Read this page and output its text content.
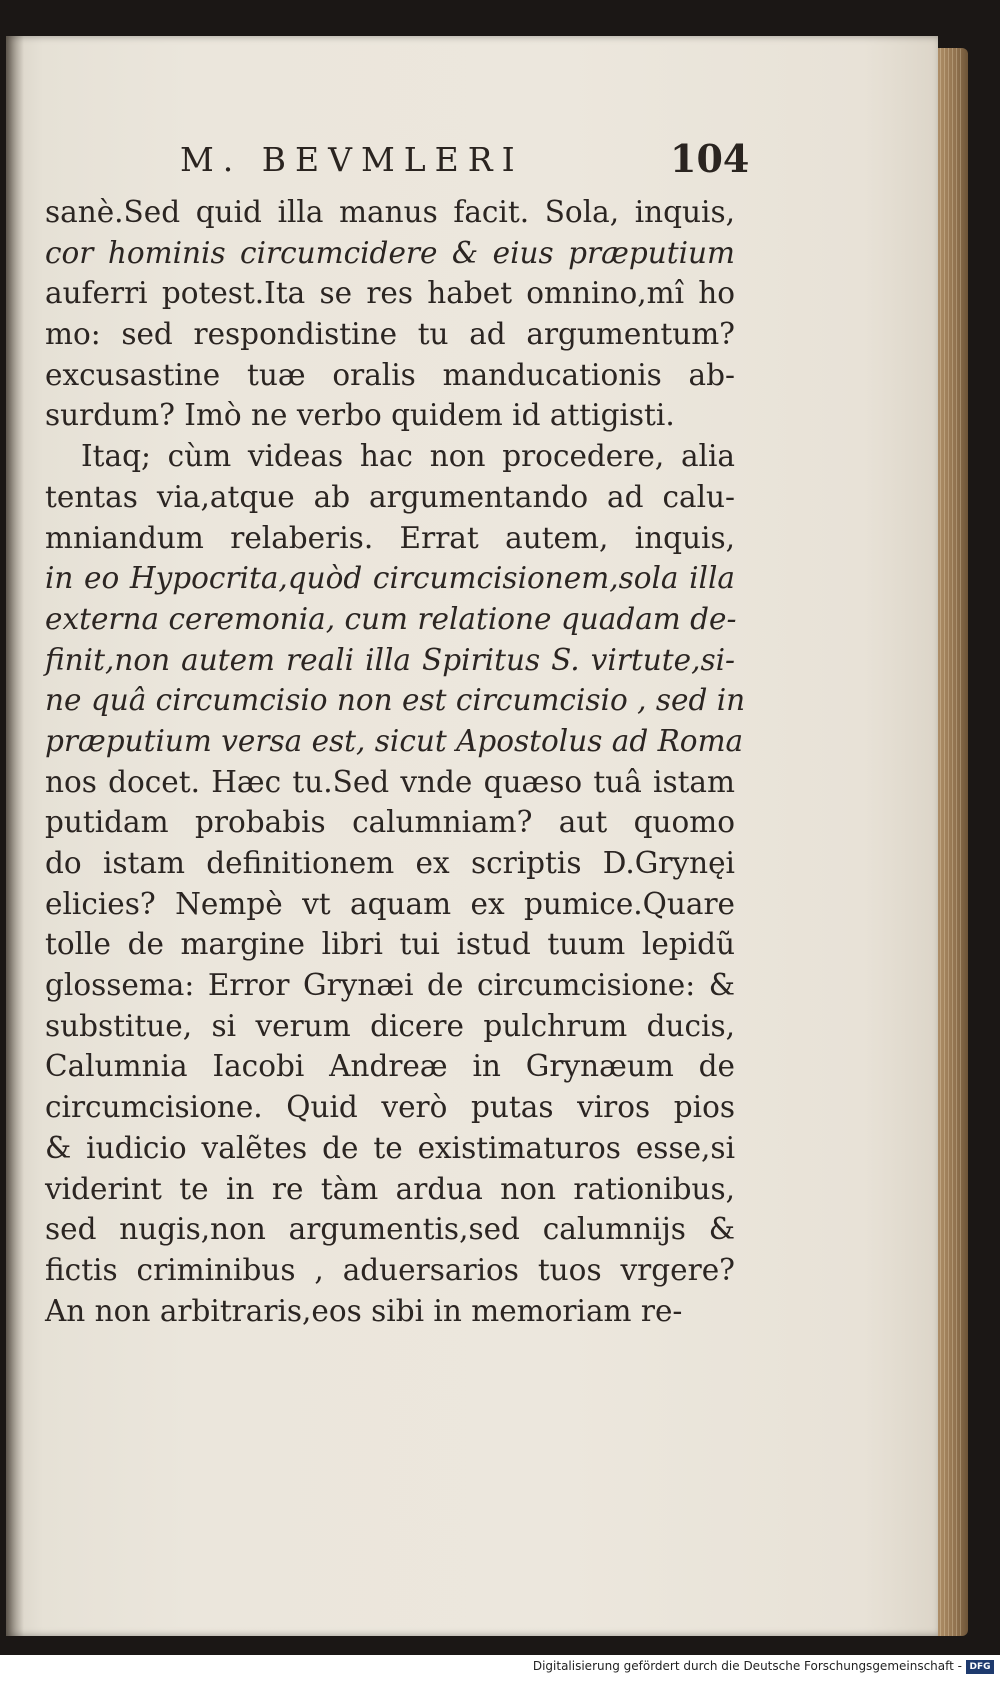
M. BEVMLERI	104
sanè.Sed quid illa manus facit. Sola, inquis,
cor hominis circumcidere & eius præputium
auferri potest.Ita se res habet omnino,mî ho
mo: sed respondistine tu ad argumentum?
excusastine tuæ oralis manducationis ab-
surdum? Imò ne verbo quidem id attigisti.
Itaq; cùm videas hac non procedere, alia
tentas via,atque ab argumentando ad calu-
mniandum relaberis. Errat autem, inquis,
in eo Hypocrita,quòd circumcisionem,sola illa
externa ceremonia, cum relatione quadam de-
finit,non autem reali illa Spiritus S. virtute,si-
ne quâ circumcisio non est circumcisio , sed in
præputium versa est, sicut Apostolus ad Roma
nos docet. Hæc tu.Sed vnde quæso tuâ istam
putidam probabis calumniam? aut quomo
do istam definitionem ex scriptis D.Grynęi
elicies? Nempè vt aquam ex pumice.Quare
tolle de margine libri tui istud tuum lepidũ
glossema: Error Grynæi de circumcisione: &
substitue, si verum dicere pulchrum ducis,
Calumnia Iacobi Andreæ in Grynæum de
circumcisione. Quid verò putas viros pios
& iudicio valẽtes de te existimaturos esse,si
viderint te in re tàm ardua non rationibus,
sed nugis,non argumentis,sed calumnijs &
fictis criminibus , aduersarios tuos vrgere?
An non arbitraris,eos sibi in memoriam re-
Digitalisierung gefördert durch die Deutsche Forschungsgemeinschaft - DFG
